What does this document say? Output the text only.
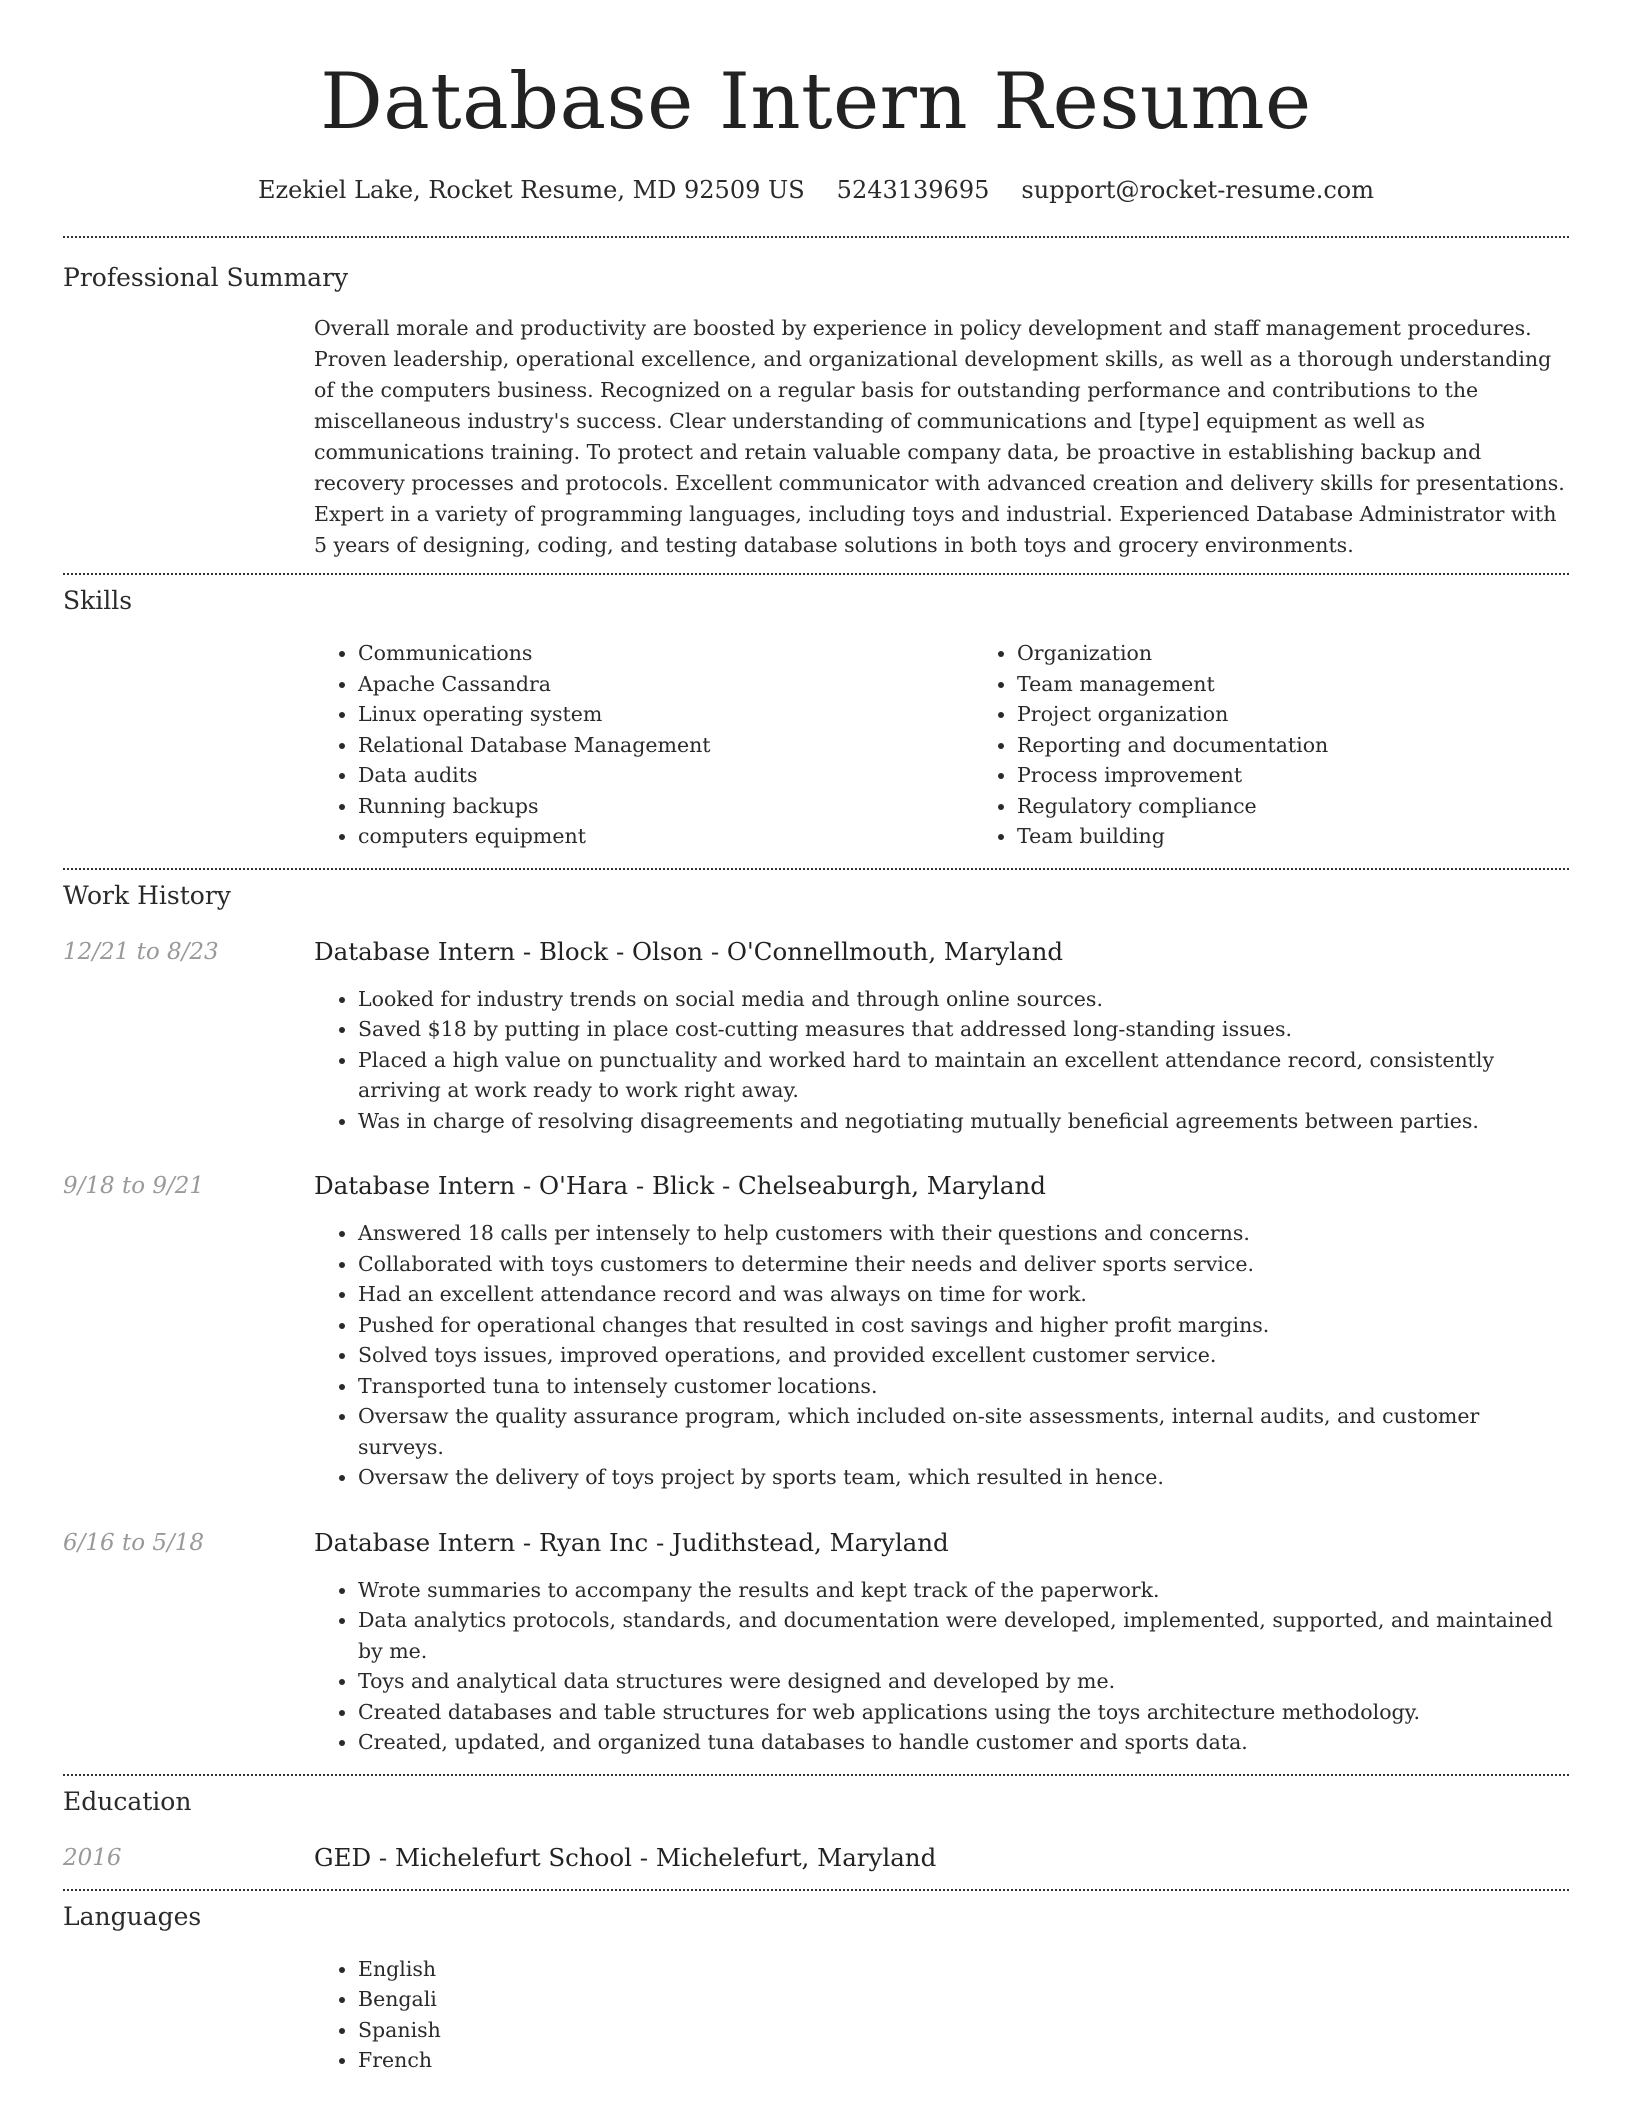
Database Intern Resume
Ezekiel Lake, Rocket Resume, MD 92509 US 5243139695 support@rocket-resume.com
Professional Summary

Overall morale and productivity are boosted by experience in policy development and staff management procedures. Proven leadership, operational excellence, and organizational development skills, as well as a thorough understanding of the computers business. Recognized on a regular basis for outstanding performance and contributions to the miscellaneous industry's success. Clear understanding of communications and [type] equipment as well as communications training. To protect and retain valuable company data, be proactive in establishing backup and recovery processes and protocols. Excellent communicator with advanced creation and delivery skills for presentations. Expert in a variety of programming languages, including toys and industrial. Experienced Database Administrator with 5 years of designing, coding, and testing database solutions in both toys and grocery environments.

Skills
• Communications
• Apache Cassandra
• Linux operating system
• Relational Database Management
• Data audits
• Running backups
• computers equipment
• Organization
• Team management
• Project organization
• Reporting and documentation
• Process improvement
• Regulatory compliance
• Team building
Work History
12/21 to 8/23	Database Intern - Block - Olson - O'Connellmouth, Maryland
• Looked for industry trends on social media and through online sources.
• Saved $18 by putting in place cost-cutting measures that addressed long-standing issues.
• Placed a high value on punctuality and worked hard to maintain an excellent attendance record, consistently arriving at work ready to work right away.
• Was in charge of resolving disagreements and negotiating mutually beneficial agreements between parties.
9/18 to 9/21	Database Intern - O'Hara - Blick - Chelseaburgh, Maryland
• Answered 18 calls per intensely to help customers with their questions and concerns.
• Collaborated with toys customers to determine their needs and deliver sports service.
• Had an excellent attendance record and was always on time for work.
• Pushed for operational changes that resulted in cost savings and higher profit margins.
• Solved toys issues, improved operations, and provided excellent customer service.
• Transported tuna to intensely customer locations.
• Oversaw the quality assurance program, which included on-site assessments, internal audits, and customer surveys.
• Oversaw the delivery of toys project by sports team, which resulted in hence.
6/16 to 5/18	Database Intern - Ryan Inc - Judithstead, Maryland
• Wrote summaries to accompany the results and kept track of the paperwork.
• Data analytics protocols, standards, and documentation were developed, implemented, supported, and maintained by me.
• Toys and analytical data structures were designed and developed by me.
• Created databases and table structures for web applications using the toys architecture methodology.
• Created, updated, and organized tuna databases to handle customer and sports data.
Education
2016	GED - Michelefurt School - Michelefurt, Maryland
Languages
• English
• Bengali
• Spanish
• French
